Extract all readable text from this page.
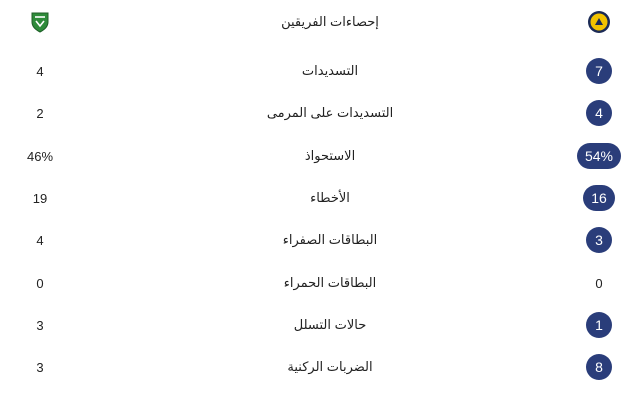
إحصاءات الفريقين
4	التسديدات	7
2	التسديدات على المرمى	4
46%	الاستحواذ	54%
19	الأخطاء	16
4	البطاقات الصفراء	3
0	البطاقات الحمراء	0
3	حالات التسلل	1
3	الضربات الركنية	8
